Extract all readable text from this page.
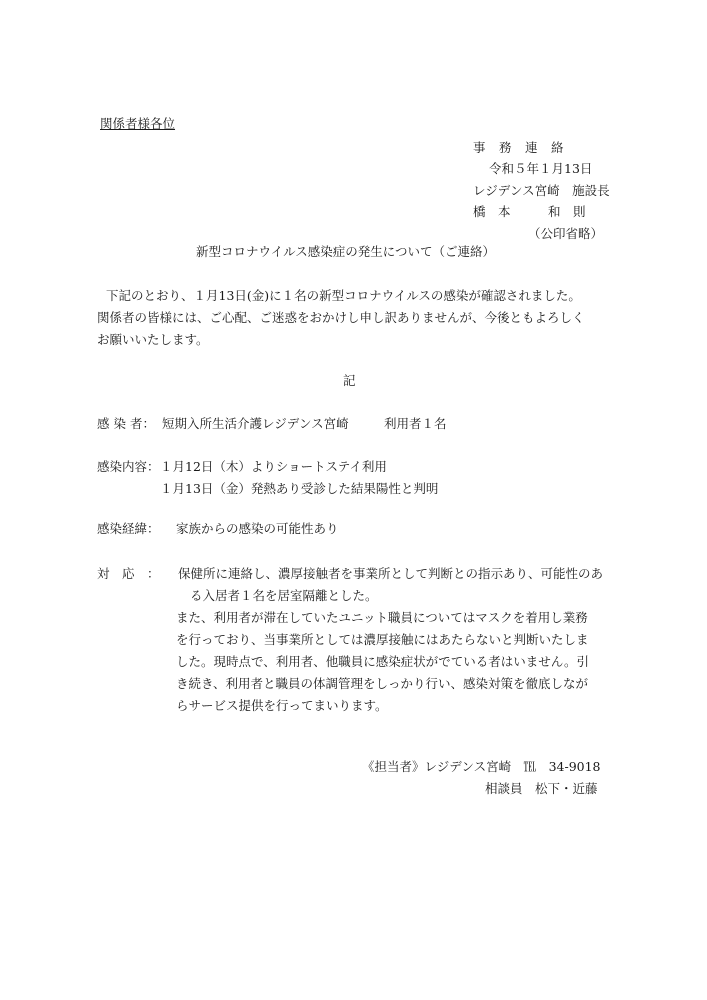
関係者様各位
事　務　連　絡
令和５年１月13日
レジデンス宮崎　施設長
橋　本　　　和　則
（公印省略）
新型コロナウイルス感染症の発生について（ご連絡）
下記のとおり、１月13日(金)に１名の新型コロナウイルスの感染が確認されました。
関係者の皆様には、ご心配、ご迷惑をおかけし申し訳ありませんが、今後ともよろしく
お願いいたします。
記
感 染 者： 短期入所生活介護レジデンス宮崎	利用者１名
感染内容： １月12日（木）よりショートステイ利用
１月13日（金）発熱あり受診した結果陽性と判明
感染経緯： 家族からの感染の可能性あり
対　応　： 保健所に連絡し、濃厚接触者を事業所として判断との指示あり、可能性のあ
る入居者１名を居室隔離とした。
また、利用者が滞在していたユニット職員についてはマスクを着用し業務
を行っており、当事業所としては濃厚接触にはあたらないと判断いたしま
した。現時点で、利用者、他職員に感染症状がでている者はいません。引
き続き、利用者と職員の体調管理をしっかり行い、感染対策を徹底しなが
らサービス提供を行ってまいります。
《担当者》レジデンス宮崎　℡　34-9018
相談員　松下・近藤
